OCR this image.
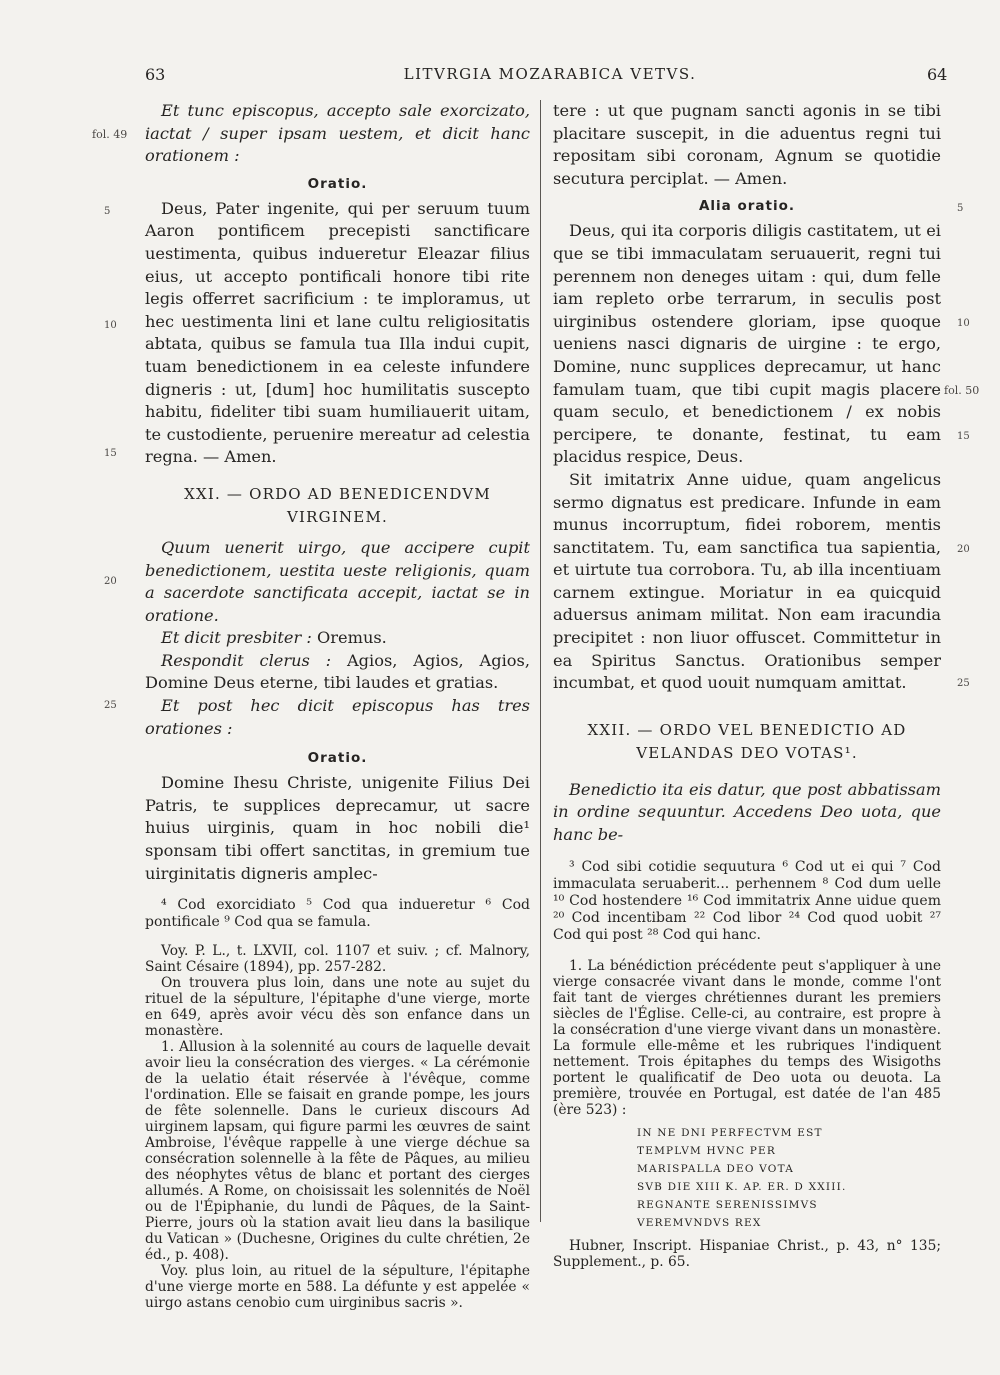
63	LITVRGIA MOZARABICA VETVS.	64
fol. 49
5
10
15
20
25
5
10
fol. 50
15
20
25

Et tunc episcopus, accepto sale exorcizato, iactat / super ipsam uestem, et dicit hanc orationem :

Oratio.

Deus, Pater ingenite, qui per seruum tuum Aaron pontificem precepisti sanctificare uestimenta, quibus indueretur Eleazar filius eius, ut accepto pontificali honore tibi rite legis offerret sacrificium : te imploramus, ut hec uestimenta lini et lane cultu religiositatis abtata, quibus se famula tua Illa indui cupit, tuam benedictionem in ea celeste infundere digneris : ut, [dum] hoc humilitatis suscepto habitu, fideliter tibi suam humiliauerit uitam, te custodiente, peruenire mereatur ad celestia regna. — Amen.

XXI. — ORDO AD BENEDICENDVM VIRGINEM.

Quum uenerit uirgo, que accipere cupit benedictionem, uestita ueste religionis, quam a sacerdote sanctificata accepit, iactat se in oratione.

Et dicit presbiter : Oremus.

Respondit clerus : Agios, Agios, Agios, Domine Deus eterne, tibi laudes et gratias.

Et post hec dicit episcopus has tres orationes :

Oratio.

Domine Ihesu Christe, unigenite Filius Dei Patris, te supplices deprecamur, ut sacre huius uirginis, quam in hoc nobili die¹ sponsam tibi offert sanctitas, in gremium tue uirginitatis digneris amplec-

⁴ Cod exorcidiato ⁵ Cod qua indueretur ⁶ Cod pontificale ⁹ Cod qua se famula.

Voy. P. L., t. LXVII, col. 1107 et suiv. ; cf. Malnory, Saint Césaire (1894), pp. 257-282.

On trouvera plus loin, dans une note au sujet du rituel de la sépulture, l'épitaphe d'une vierge, morte en 649, après avoir vécu dès son enfance dans un monastère.

1. Allusion à la solennité au cours de laquelle devait avoir lieu la consécration des vierges. « La cérémonie de la uelatio était réservée à l'évêque, comme l'ordination. Elle se faisait en grande pompe, les jours de fête solennelle. Dans le curieux discours Ad uirginem lapsam, qui figure parmi les œuvres de saint Ambroise, l'évêque rappelle à une vierge déchue sa consécration solennelle à la fête de Pâques, au milieu des néophytes vêtus de blanc et portant des cierges allumés. A Rome, on choisissait les solennités de Noël ou de l'Épiphanie, du lundi de Pâques, de la Saint-Pierre, jours où la station avait lieu dans la basilique du Vatican » (Duchesne, Origines du culte chrétien, 2e éd., p. 408).

Voy. plus loin, au rituel de la sépulture, l'épitaphe d'une vierge morte en 588. La défunte y est appelée « uirgo astans cenobio cum uirginibus sacris ».

tere : ut que pugnam sancti agonis in se tibi placitare suscepit, in die aduentus regni tui repositam sibi coronam, Agnum se quotidie secutura perciplat. — Amen.

Alia oratio.

Deus, qui ita corporis diligis castitatem, ut ei que se tibi immaculatam seruauerit, regni tui perennem non deneges uitam : qui, dum felle iam repleto orbe terrarum, in seculis post uirginibus ostendere gloriam, ipse quoque ueniens nasci dignaris de uirgine : te ergo, Domine, nunc supplices deprecamur, ut hanc famulam tuam, que tibi cupit magis placere quam seculo, et benedictionem / ex nobis percipere, te donante, festinat, tu eam placidus respice, Deus.

Sit imitatrix Anne uidue, quam angelicus sermo dignatus est predicare. Infunde in eam munus incorruptum, fidei roborem, mentis sanctitatem. Tu, eam sanctifica tua sapientia, et uirtute tua corrobora. Tu, ab illa incentiuam carnem extingue. Moriatur in ea quicquid aduersus animam militat. Non eam iracundia precipitet : non liuor offuscet. Committetur in ea Spiritus Sanctus. Orationibus semper incumbat, et quod uouit numquam amittat.

XXII. — ORDO VEL BENEDICTIO AD
VELANDAS DEO VOTAS¹.

Benedictio ita eis datur, que post abbatissam in ordine sequuntur. Accedens Deo uota, que hanc be-

³ Cod sibi cotidie sequutura ⁶ Cod ut ei qui ⁷ Cod immaculata seruaberit... perhennem ⁸ Cod dum uelle ¹⁰ Cod hostendere ¹⁶ Cod immitatrix Anne uidue quem ²⁰ Cod incentibam ²² Cod libor ²⁴ Cod quod uobit ²⁷ Cod qui post ²⁸ Cod qui hanc.

1. La bénédiction précédente peut s'appliquer à une vierge consacrée vivant dans le monde, comme l'ont fait tant de vierges chrétiennes durant les premiers siècles de l'Église. Celle-ci, au contraire, est propre à la consécration d'une vierge vivant dans un monastère. La formule elle-même et les rubriques l'indiquent nettement. Trois épitaphes du temps des Wisigoths portent le qualificatif de Deo uota ou deuota. La première, trouvée en Portugal, est datée de l'an 485 (ère 523) :

IN NE DNI PERFECTVM EST
TEMPLVM HVNC PER
MARISPALLA DEO VOTA
SVB DIE XIII K. AP. ER. D XXIII.
REGNANTE SERENISSIMVS
VEREMVNDVS REX

Hubner, Inscript. Hispaniae Christ., p. 43, n° 135; Supplement., p. 65.
